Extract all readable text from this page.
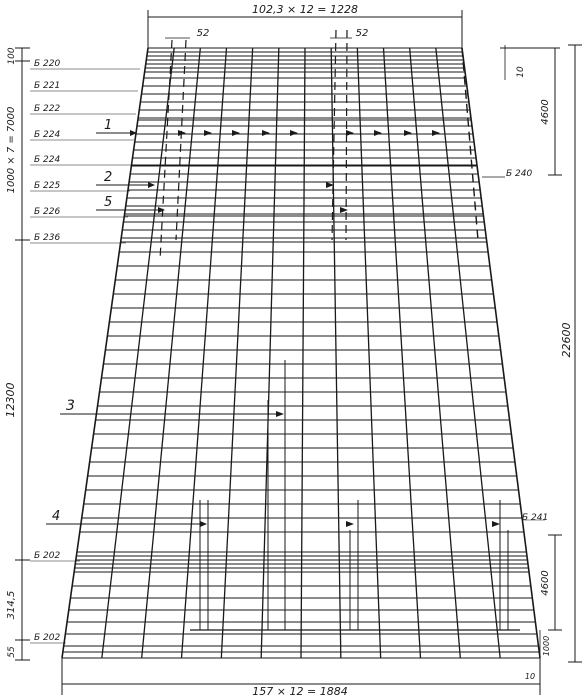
102,3 × 12 = 1228
52	52
157 × 12 = 1884
10
100
1000 × 7 = 7000
12300
314,5
55
22600
4600
10
4600
1000
Б 220
Б 221
Б 222
Б 224
Б 224
Б 225
Б 226
Б 236
Б 202
Б 202
Б 240
Б 241
1
2
5
3
4
